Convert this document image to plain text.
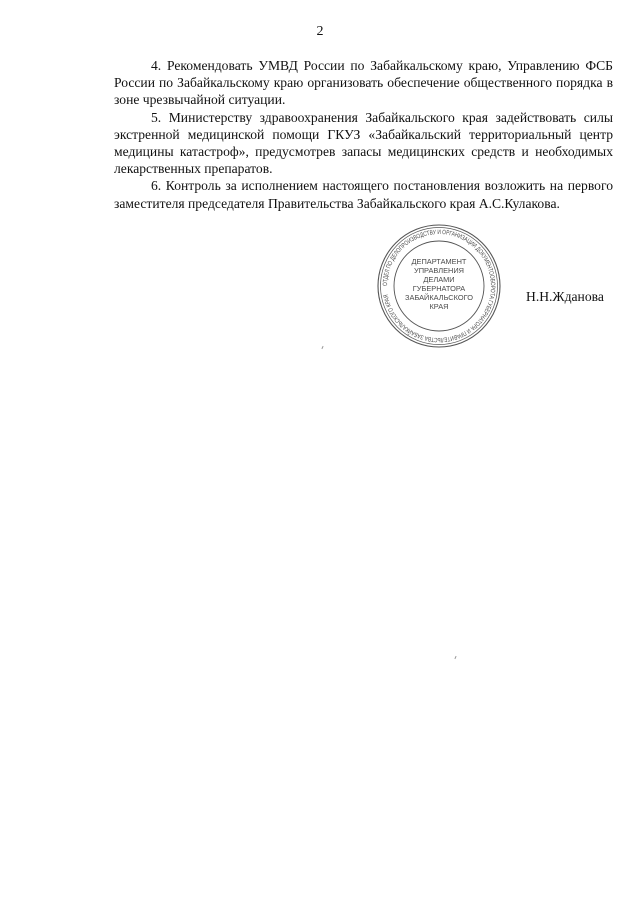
2

4. Рекомендовать УМВД России по Забайкальскому краю, Управлению ФСБ России по Забайкальскому краю организовать обеспечение общественного порядка в зоне чрезвычайной ситуации.

5. Министерству здравоохранения Забайкальского края задействовать силы экстренной медицинской помощи ГКУЗ «Забайкальский территориальный центр медицины катастроф», предусмотрев запасы медицинских средств и необходимых лекарственных препаратов.

6. Контроль за исполнением настоящего постановления возложить на первого заместителя председателя Правительства Забайкальского края А.С.Кулакова.

ОТДЕЛ ПО ДЕЛОПРОИЗВОДСТВУ И ОРГАНИЗАЦИИ ДОКУМЕНТООБОРОТА ГУБЕРНАТОРА И ПРАВИТЕЛЬСТВА ЗАБАЙКАЛЬСКОГО КРАЯ
ДЕПАРТАМЕНТ
УПРАВЛЕНИЯ
ДЕЛАМИ
ГУБЕРНАТОРА
ЗАБАЙКАЛЬСКОГО
КРАЯ
Н.Н.Жданова
